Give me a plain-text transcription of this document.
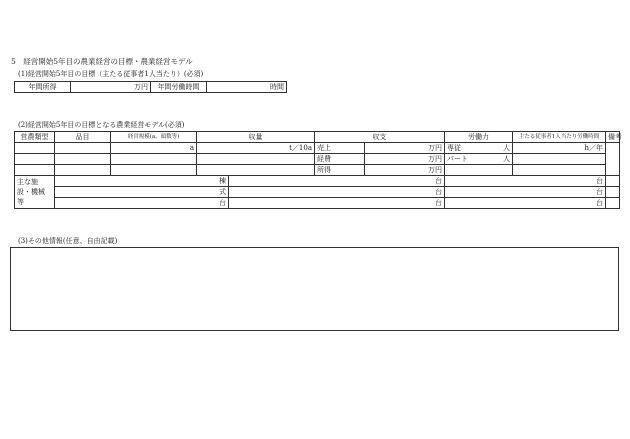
5　経営開始5年目の農業経営の目標・農業経営モデル
(1)経営開始5年目の目標（主たる従事者1人当たり）(必須)
年間所得	万円	年間労働時間	時間
(2)経営開始5年目の目標となる農業経営モデル(必須)
営農類型	品目	経営規模(a、頭数等)	収量		収支		労働力	主たる従事者1人当たり労働時間	備考
		a	t／10a		売上	万円	専従 人	h／年	
					経費	万円	パート 人		
					所得	万円			

主な施
設・機械
等	棟			台			台		
	式			台			台		
	台			台			台		
(3)その他情報(任意、自由記載)
